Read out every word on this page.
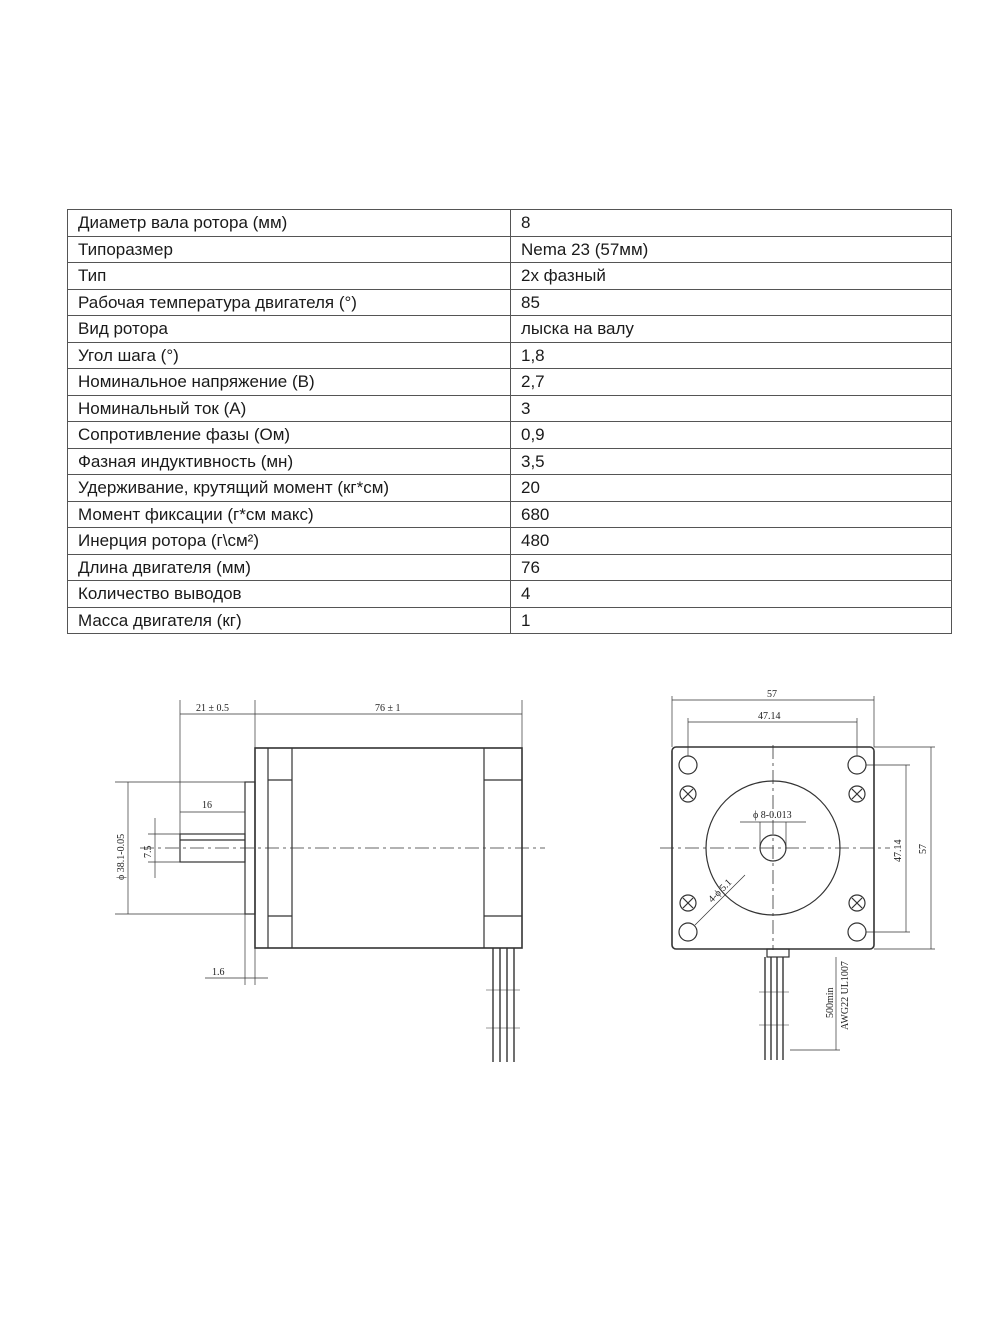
Диаметр вала ротора (мм)	8
Типоразмер	Nema 23 (57мм)
Тип	2х фазный
Рабочая температура двигателя (°)	85
Вид ротора	лыска на валу
Угол шага (°)	1,8
Номинальное напряжение (В)	2,7
Номинальный ток (А)	3
Сопротивление фазы (Ом)	0,9
Фазная индуктивность (мн)	3,5
Удерживание, крутящий момент (кг*см)	20
Момент фиксации (г*см макс)	680
Инерция ротора (г\см²)	480
Длина двигателя (мм)	76
Количество выводов	4
Масса двигателя (кг)	1
21 ± 0.5	76 ± 1
16
ϕ 38.1-0.05 7.5
1.6
57
47.14
ϕ 8-0.013
4-ϕ 5.1
47.14 57
500min AWG22 UL1007
